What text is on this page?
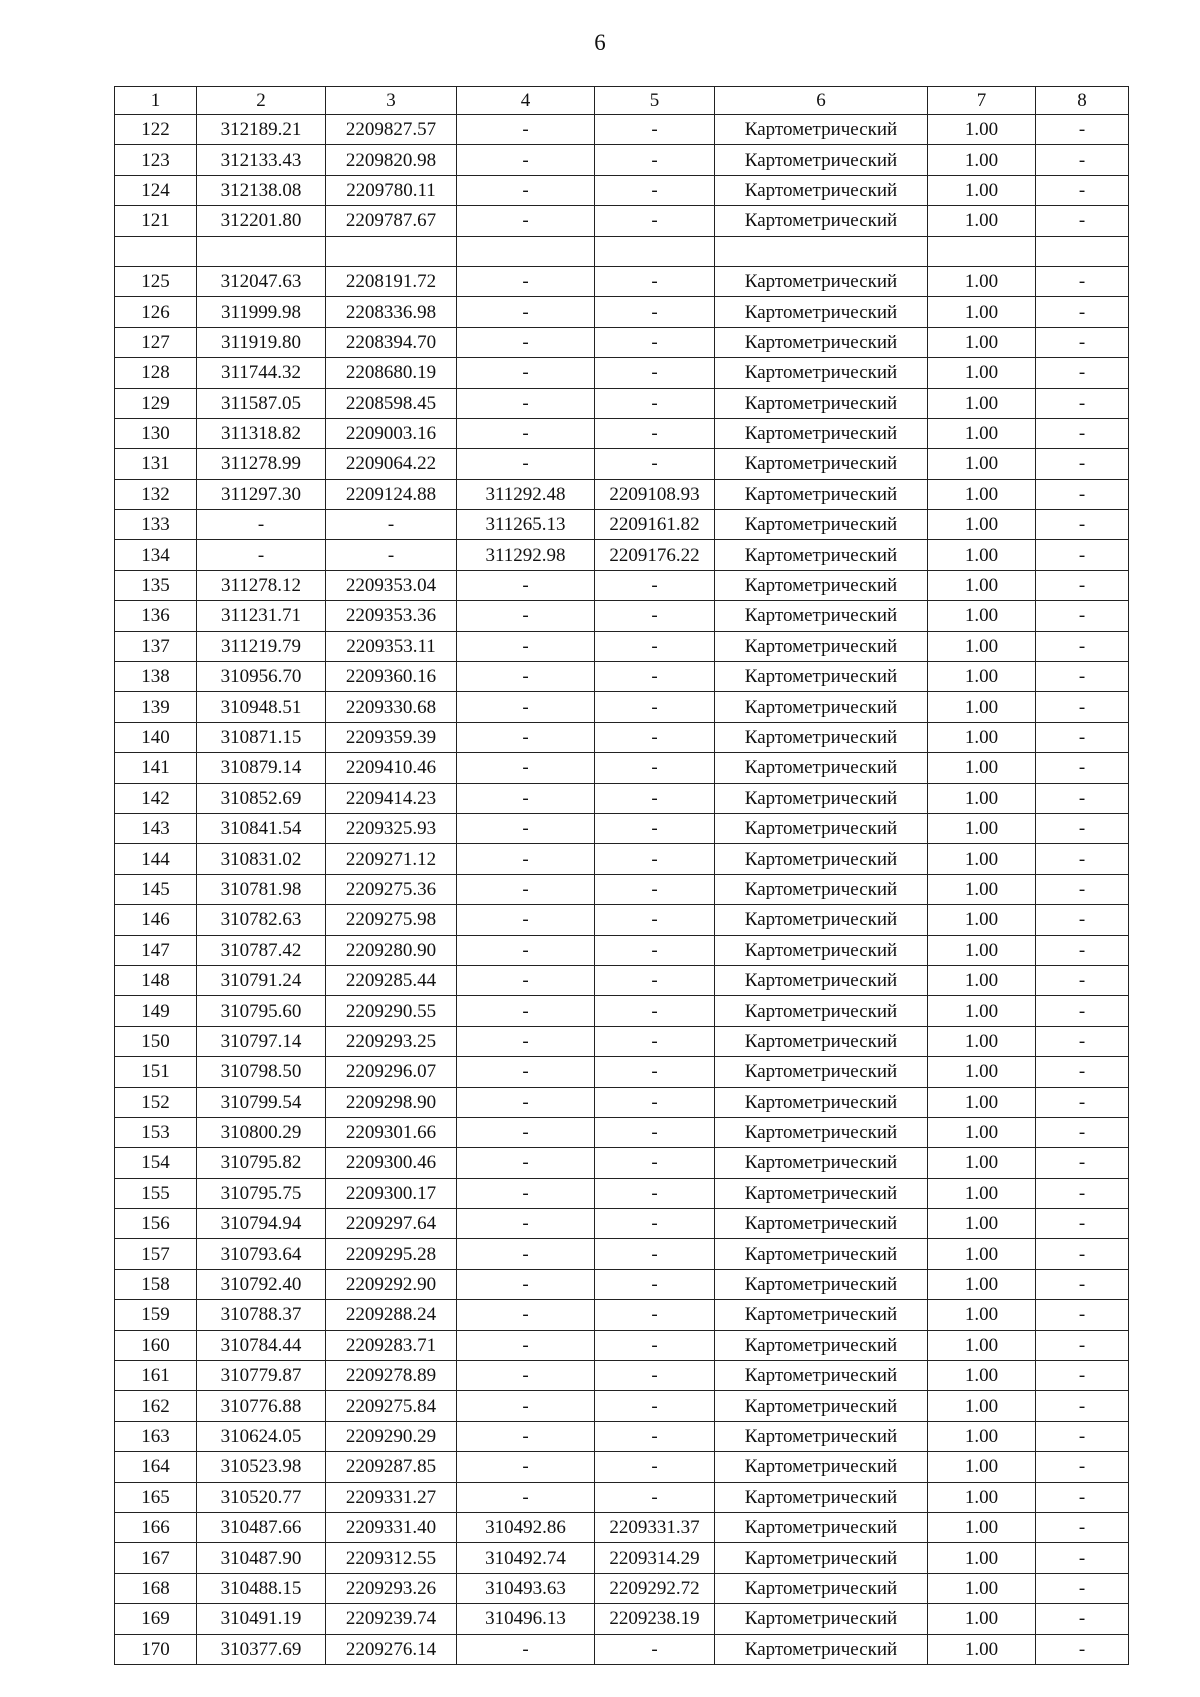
6
1	2	3	4	5	6	7	8
122	312189.21	2209827.57	-	-	Картометрический	1.00	-
123	312133.43	2209820.98	-	-	Картометрический	1.00	-
124	312138.08	2209780.11	-	-	Картометрический	1.00	-
121	312201.80	2209787.67	-	-	Картометрический	1.00	-

125	312047.63	2208191.72	-	-	Картометрический	1.00	-
126	311999.98	2208336.98	-	-	Картометрический	1.00	-
127	311919.80	2208394.70	-	-	Картометрический	1.00	-
128	311744.32	2208680.19	-	-	Картометрический	1.00	-
129	311587.05	2208598.45	-	-	Картометрический	1.00	-
130	311318.82	2209003.16	-	-	Картометрический	1.00	-
131	311278.99	2209064.22	-	-	Картометрический	1.00	-
132	311297.30	2209124.88	311292.48	2209108.93	Картометрический	1.00	-
133	-	-	311265.13	2209161.82	Картометрический	1.00	-
134	-	-	311292.98	2209176.22	Картометрический	1.00	-
135	311278.12	2209353.04	-	-	Картометрический	1.00	-
136	311231.71	2209353.36	-	-	Картометрический	1.00	-
137	311219.79	2209353.11	-	-	Картометрический	1.00	-
138	310956.70	2209360.16	-	-	Картометрический	1.00	-
139	310948.51	2209330.68	-	-	Картометрический	1.00	-
140	310871.15	2209359.39	-	-	Картометрический	1.00	-
141	310879.14	2209410.46	-	-	Картометрический	1.00	-
142	310852.69	2209414.23	-	-	Картометрический	1.00	-
143	310841.54	2209325.93	-	-	Картометрический	1.00	-
144	310831.02	2209271.12	-	-	Картометрический	1.00	-
145	310781.98	2209275.36	-	-	Картометрический	1.00	-
146	310782.63	2209275.98	-	-	Картометрический	1.00	-
147	310787.42	2209280.90	-	-	Картометрический	1.00	-
148	310791.24	2209285.44	-	-	Картометрический	1.00	-
149	310795.60	2209290.55	-	-	Картометрический	1.00	-
150	310797.14	2209293.25	-	-	Картометрический	1.00	-
151	310798.50	2209296.07	-	-	Картометрический	1.00	-
152	310799.54	2209298.90	-	-	Картометрический	1.00	-
153	310800.29	2209301.66	-	-	Картометрический	1.00	-
154	310795.82	2209300.46	-	-	Картометрический	1.00	-
155	310795.75	2209300.17	-	-	Картометрический	1.00	-
156	310794.94	2209297.64	-	-	Картометрический	1.00	-
157	310793.64	2209295.28	-	-	Картометрический	1.00	-
158	310792.40	2209292.90	-	-	Картометрический	1.00	-
159	310788.37	2209288.24	-	-	Картометрический	1.00	-
160	310784.44	2209283.71	-	-	Картометрический	1.00	-
161	310779.87	2209278.89	-	-	Картометрический	1.00	-
162	310776.88	2209275.84	-	-	Картометрический	1.00	-
163	310624.05	2209290.29	-	-	Картометрический	1.00	-
164	310523.98	2209287.85	-	-	Картометрический	1.00	-
165	310520.77	2209331.27	-	-	Картометрический	1.00	-
166	310487.66	2209331.40	310492.86	2209331.37	Картометрический	1.00	-
167	310487.90	2209312.55	310492.74	2209314.29	Картометрический	1.00	-
168	310488.15	2209293.26	310493.63	2209292.72	Картометрический	1.00	-
169	310491.19	2209239.74	310496.13	2209238.19	Картометрический	1.00	-
170	310377.69	2209276.14	-	-	Картометрический	1.00	-
